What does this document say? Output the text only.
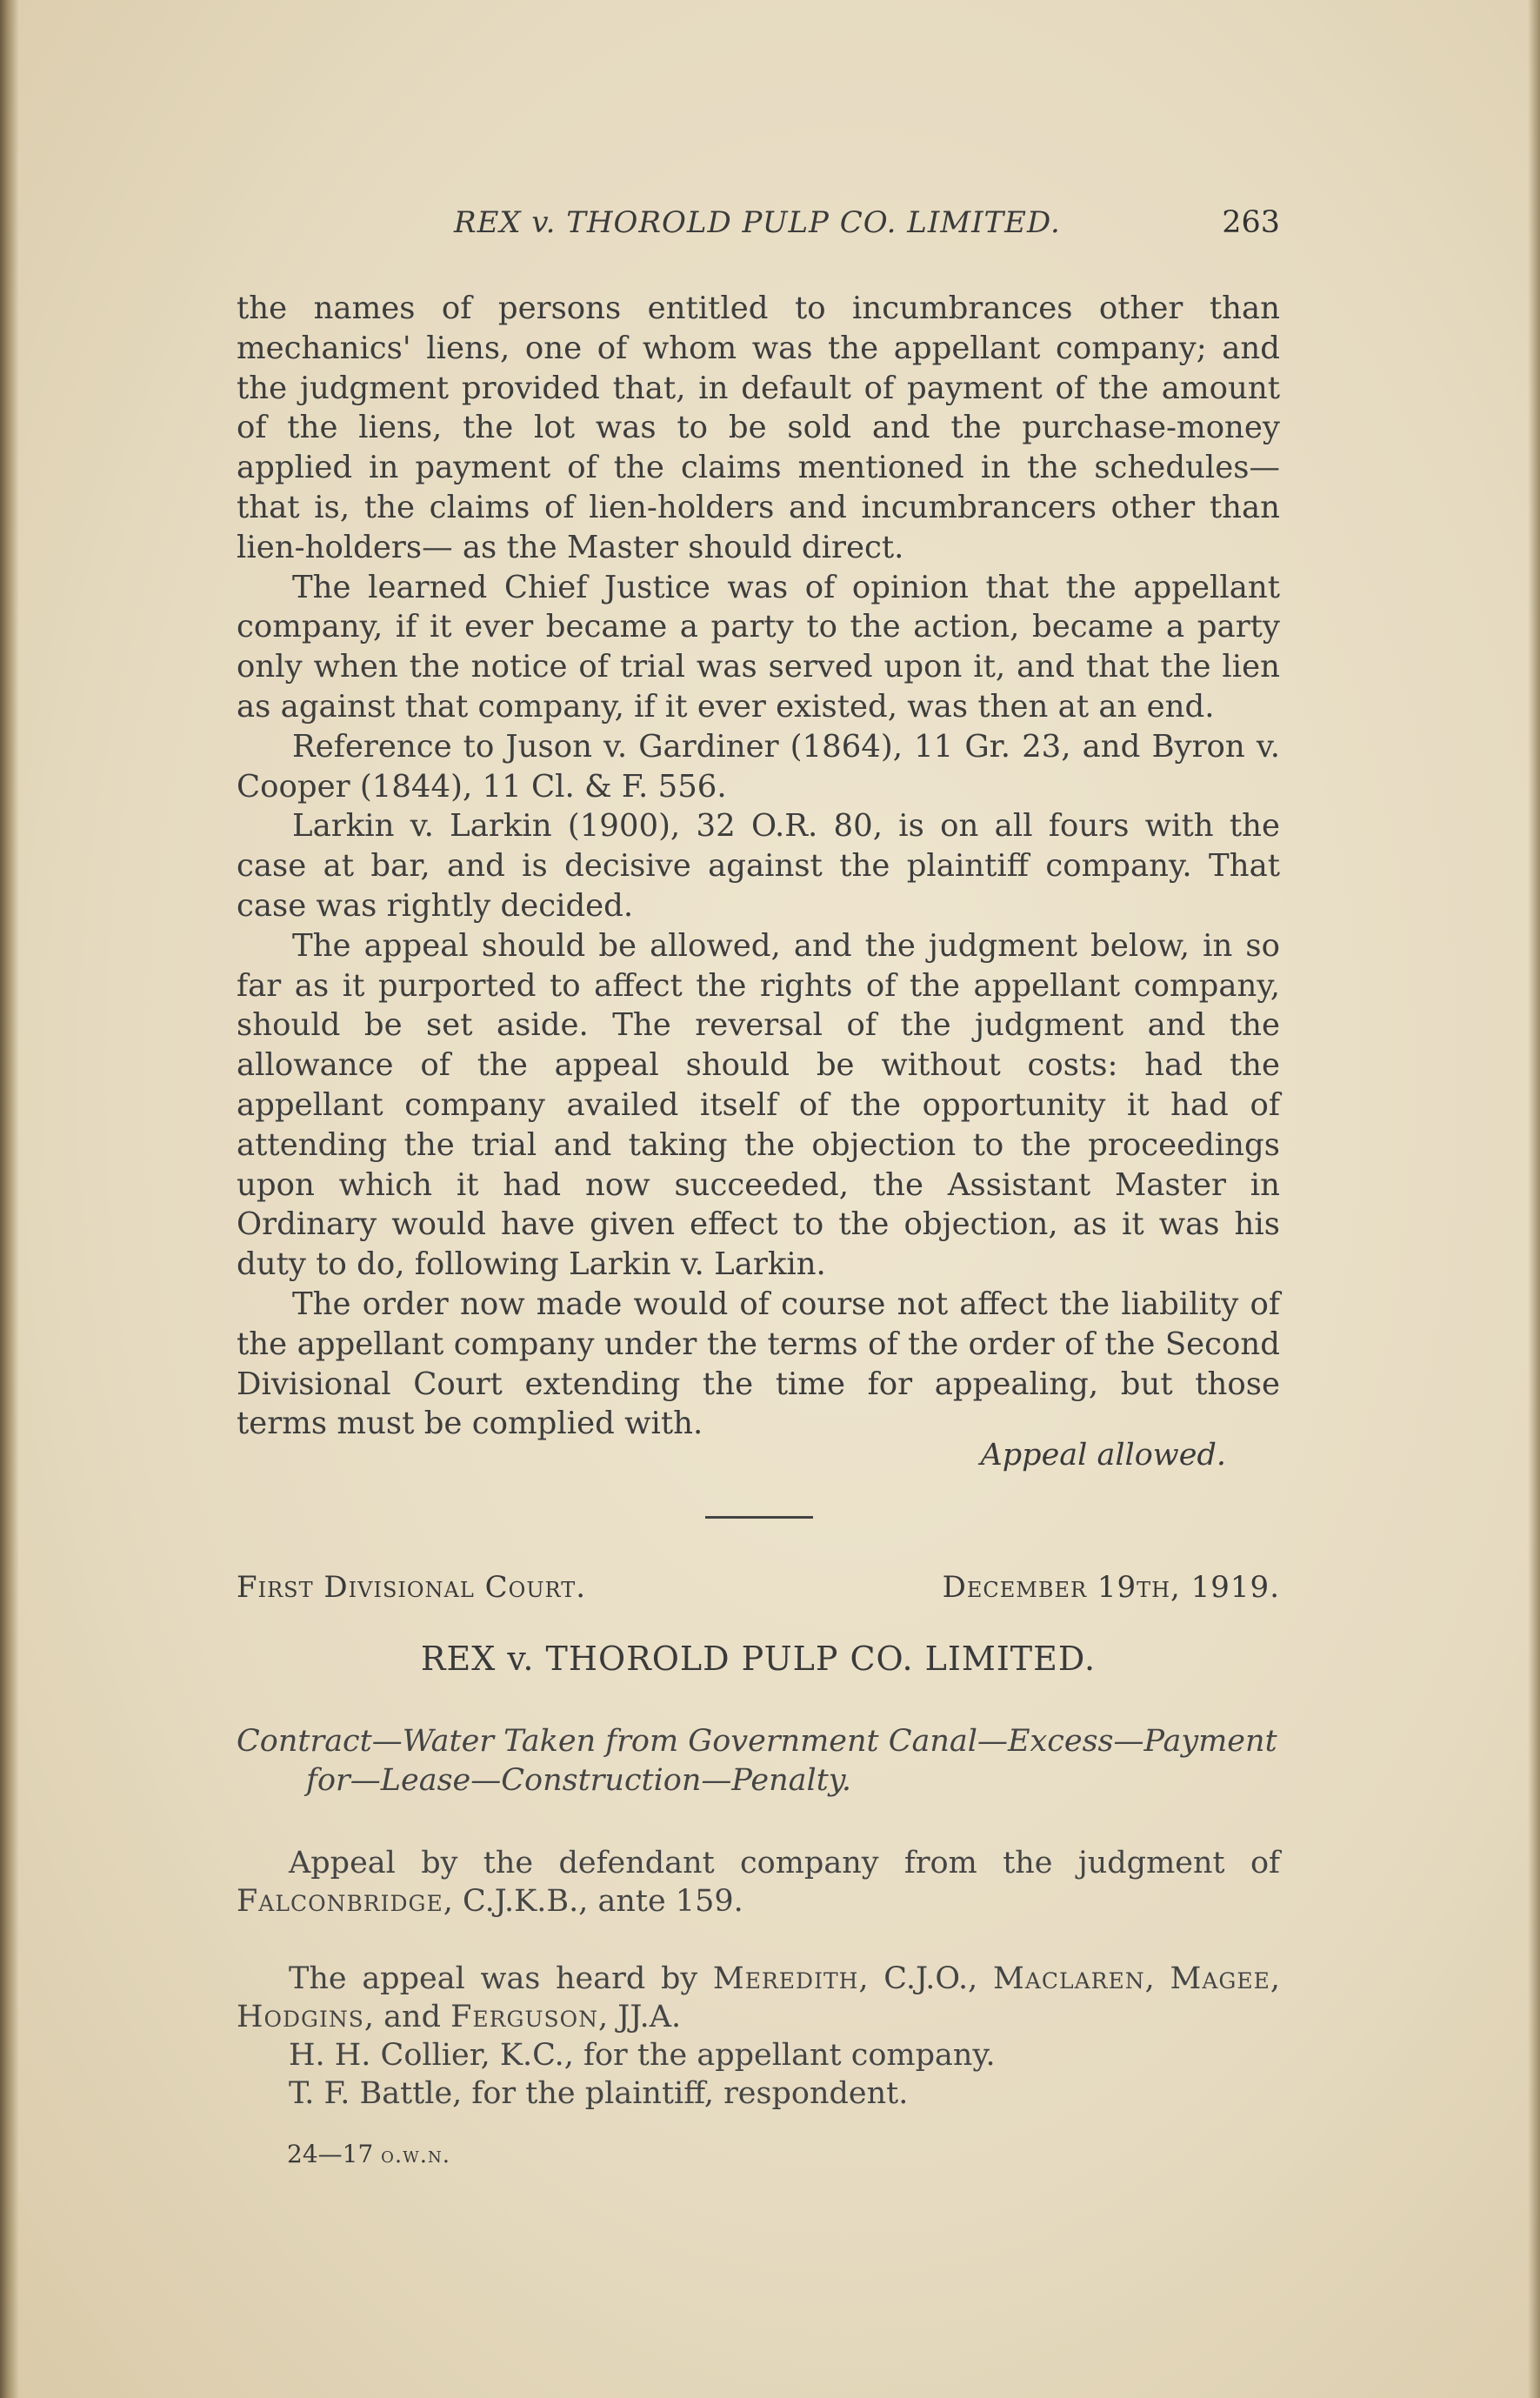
REX v. THOROLD PULP CO. LIMITED.	263

the names of persons entitled to incumbrances other than mechanics' liens, one of whom was the appellant company; and the judgment provided that, in default of payment of the amount of the liens, the lot was to be sold and the purchase-money applied in payment of the claims mentioned in the schedules—that is, the claims of lien-holders and incumbrancers other than lien-holders— as the Master should direct.

The learned Chief Justice was of opinion that the appellant company, if it ever became a party to the action, became a party only when the notice of trial was served upon it, and that the lien as against that company, if it ever existed, was then at an end.

Reference to Juson v. Gardiner (1864), 11 Gr. 23, and Byron v. Cooper (1844), 11 Cl. & F. 556.

Larkin v. Larkin (1900), 32 O.R. 80, is on all fours with the case at bar, and is decisive against the plaintiff company. That case was rightly decided.

The appeal should be allowed, and the judgment below, in so far as it purported to affect the rights of the appellant company, should be set aside. The reversal of the judgment and the allowance of the appeal should be without costs: had the appellant company availed itself of the opportunity it had of attending the trial and taking the objection to the proceedings upon which it had now succeeded, the Assistant Master in Ordinary would have given effect to the objection, as it was his duty to do, following Larkin v. Larkin.

The order now made would of course not affect the liability of the appellant company under the terms of the order of the Second Divisional Court extending the time for appealing, but those terms must be complied with.

Appeal allowed.
First Divisional Court.	December 19th, 1919.
REX v. THOROLD PULP CO. LIMITED.
Contract—Water Taken from Government Canal—Excess—Payment
for—Lease—Construction—Penalty.

Appeal by the defendant company from the judgment of Falconbridge, C.J.K.B., ante 159.

The appeal was heard by Meredith, C.J.O., Maclaren, Magee, Hodgins, and Ferguson, JJ.A.

H. H. Collier, K.C., for the appellant company.

T. F. Battle, for the plaintiff, respondent.

24—17 o.w.n.
